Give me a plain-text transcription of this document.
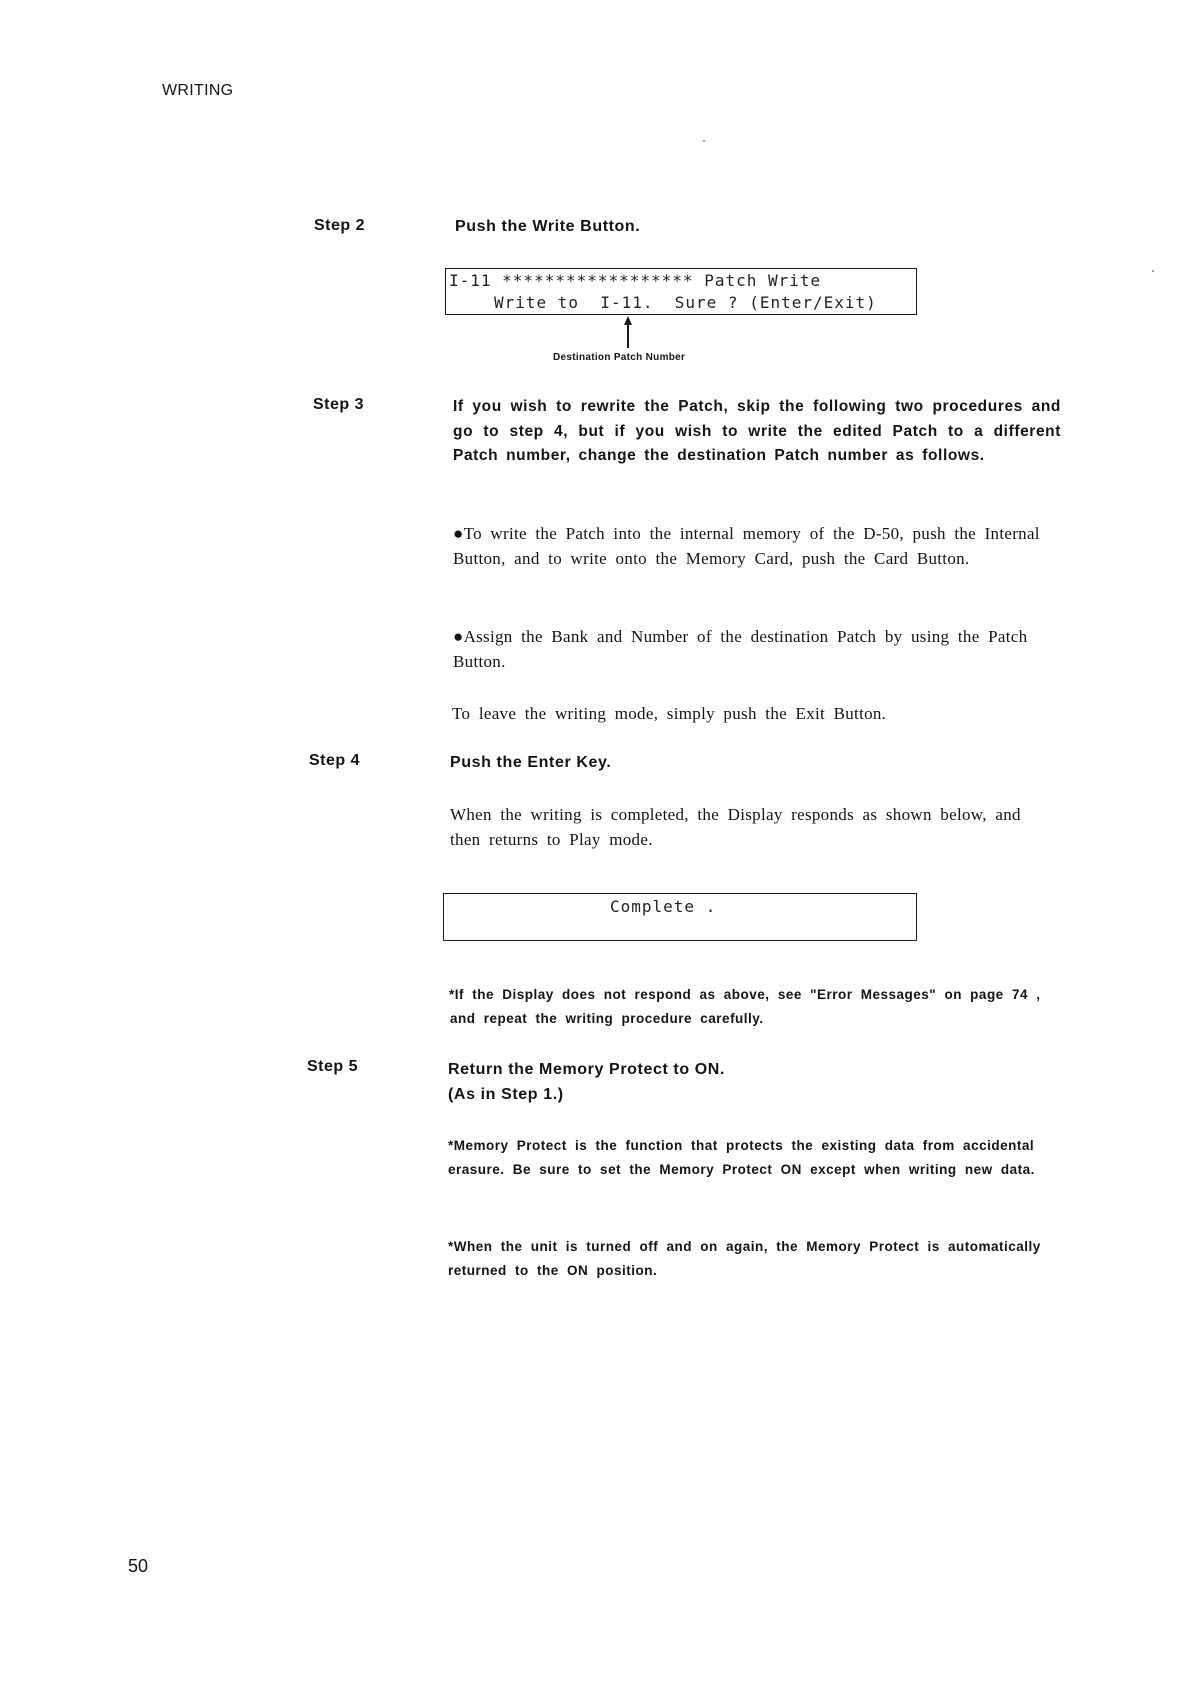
WRITING
Step 2	Push the Write Button.
I-11 ****************** Patch Write
Write to  I-11.  Sure ? (Enter/Exit)
Destination Patch Number
Step 3	If you wish to rewrite the Patch, skip the following two procedures and go to step 4, but if you wish to write the edited Patch to a different Patch number, change the destination Patch number as follows.
●To write the Patch into the internal memory of the D-50, push the Internal Button, and to write onto the Memory Card, push the Card Button.
●Assign the Bank and Number of the destination Patch by using the Patch Button.
To leave the writing mode, simply push the Exit Button.
Step 4	Push the Enter Key.
When the writing is completed, the Display responds as shown below, and then returns to Play mode.
Complete .
*If the Display does not respond as above, see "Error Messages" on page 74 , and repeat the writing procedure carefully.
Step 5	Return the Memory Protect to ON.
(As in Step 1.)
*Memory Protect is the function that protects the existing data from accidental erasure. Be sure to set the Memory Protect ON except when writing new data.
*When the unit is turned off and on again, the Memory Protect is automatically returned to the ON position.
50
